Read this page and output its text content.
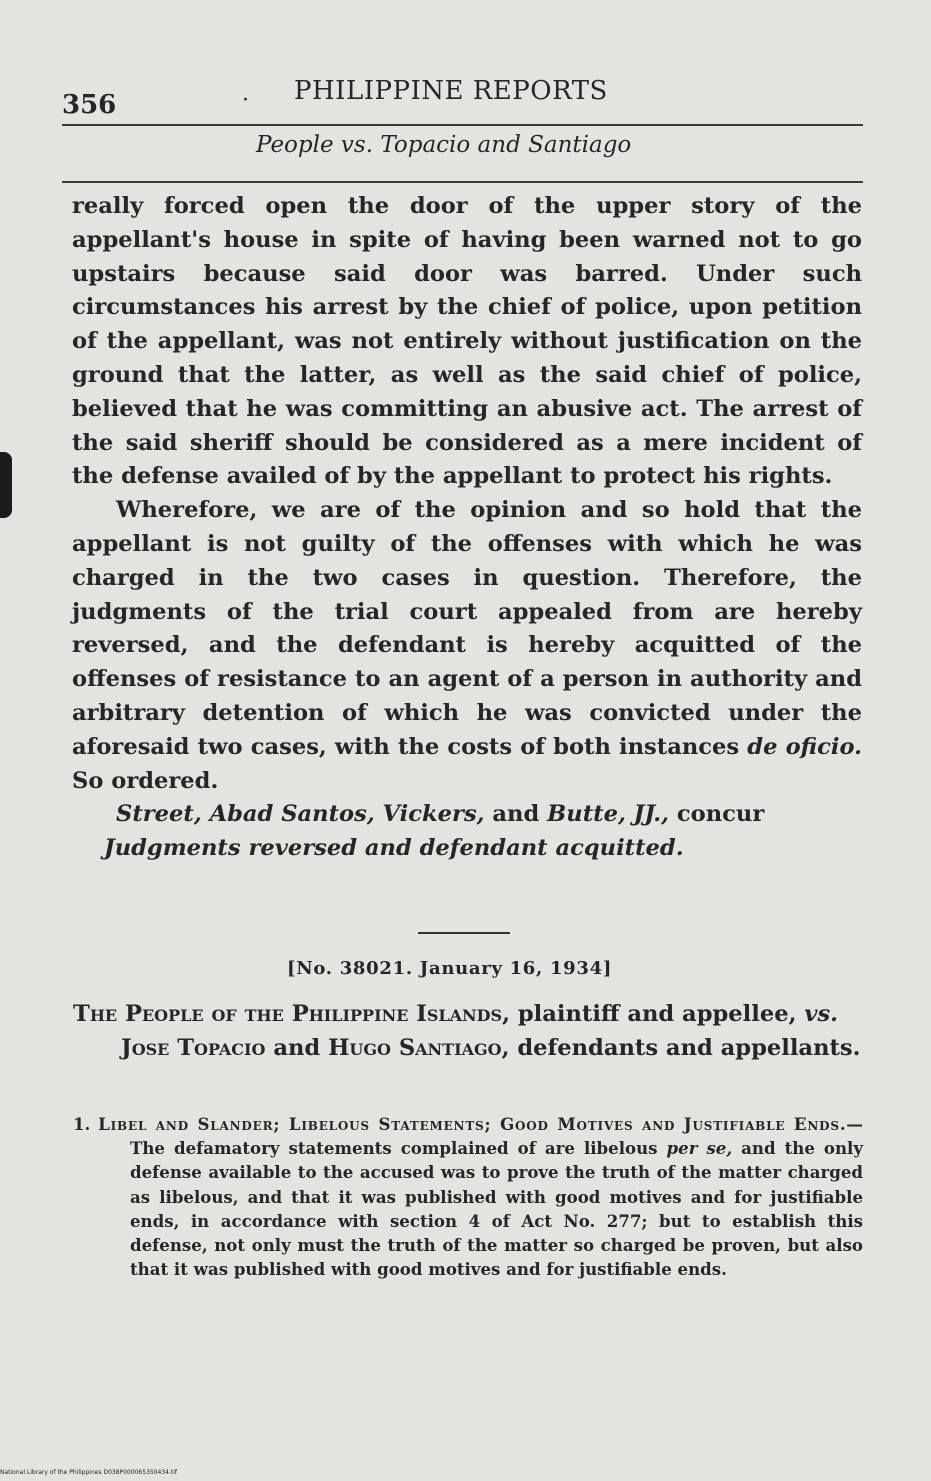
356	· PHILIPPINE REPORTS
People vs. Topacio and Santiago

really forced open the door of the upper story of the appellant's house in spite of having been warned not to go upstairs because said door was barred. Under such circumstances his arrest by the chief of police, upon petition of the appellant, was not entirely without justification on the ground that the latter, as well as the said chief of police, believed that he was committing an abusive act. The arrest of the said sheriff should be considered as a mere incident of the defense availed of by the appellant to protect his rights.

Wherefore, we are of the opinion and so hold that the appellant is not guilty of the offenses with which he was charged in the two cases in question. Therefore, the judgments of the trial court appealed from are hereby reversed, and the defendant is hereby acquitted of the offenses of resistance to an agent of a person in authority and arbitrary detention of which he was convicted under the aforesaid two cases, with the costs of both instances de oficio. So ordered.

Street, Abad Santos, Vickers, and Butte, JJ., concur

Judgments reversed and defendant acquitted.

[No. 38021. January 16, 1934]
The People of the Philippine Islands, plaintiff and appellee, vs. Jose Topacio and Hugo Santiago, defendants and appellants.
1. Libel and Slander; Libelous Statements; Good Motives and Justifiable Ends.—The defamatory statements complained of are libelous per se, and the only defense available to the accused was to prove the truth of the matter charged as libelous, and that it was published with good motives and for justifiable ends, in accordance with section 4 of Act No. 277; but to establish this defense, not only must the truth of the matter so charged be proven, but also that it was published with good motives and for justifiable ends.
National Library of the Philippines D038P000065350434.tif
